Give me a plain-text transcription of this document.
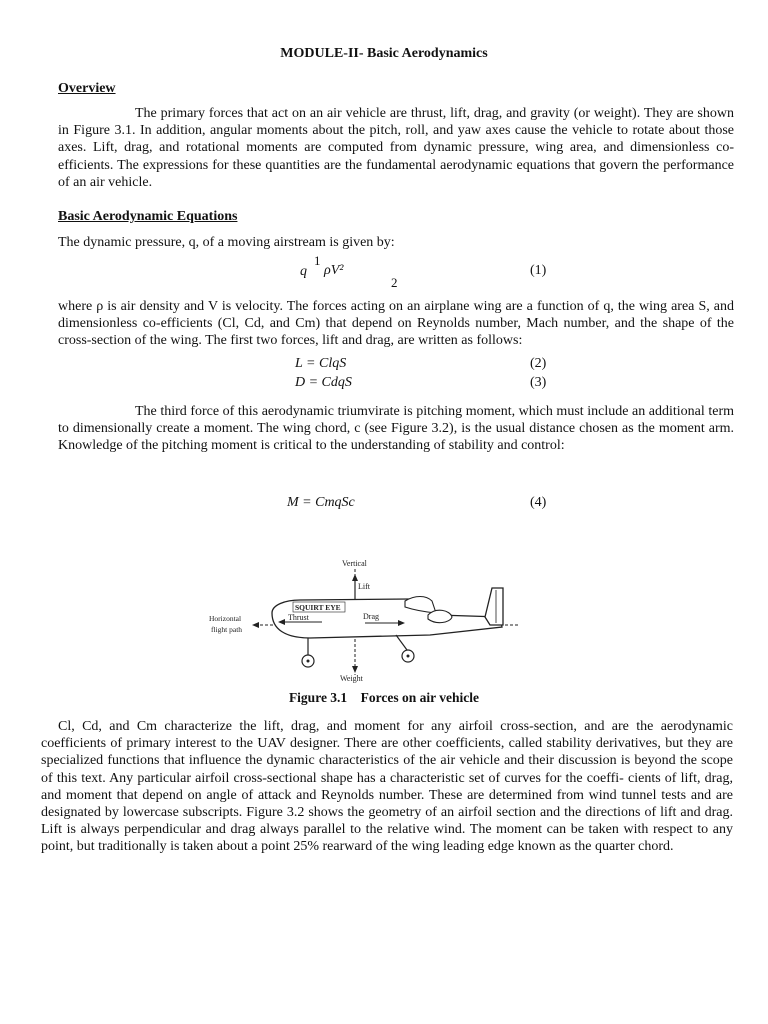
MODULE-II- Basic Aerodynamics
Overview
The primary forces that act on an air vehicle are thrust, lift, drag, and gravity (or weight). They are shown in Figure 3.1. In addition, angular moments about the pitch, roll, and yaw axes cause the vehicle to rotate about those axes. Lift, drag, and rotational moments are computed from dynamic pressure, wing area, and dimensionless co-efficients. The expressions for these quantities are the fundamental aerodynamic equations that govern the performance of an air vehicle.
Basic Aerodynamic Equations
The dynamic pressure, q, of a moving airstream is given by:
q
1
ρV²
2
(1)
where ρ is air density and V is velocity. The forces acting on an airplane wing are a function of q, the wing area S, and dimensionless co-efficients (Cl, Cd, and Cm) that depend on Reynolds number, Mach number, and the shape of the cross-section of the wing. The first two forces, lift and drag, are written as follows:
L = ClqS	(2)
D = CdqS	(3)
The third force of this aerodynamic triumvirate is pitching moment, which must include an additional term to dimensionally create a moment. The wing chord, c (see Figure 3.2), is the usual distance chosen as the moment arm. Knowledge of the pitching moment is critical to the understanding of stability and control:
M = CmqSc	(4)
Vertical
Lift
SQUIRT EYE
Thrust	Drag
Horizontal
flight path
Weight
Figure 3.1    Forces on air vehicle
Cl, Cd, and Cm characterize the lift, drag, and moment for any airfoil cross-section, and are the aerodynamic coefficients of primary interest to the UAV designer. There are other coefficients, called stability derivatives, but they are specialized functions that influence the dynamic characteristics of the air vehicle and their discussion is beyond the scope of this text. Any particular airfoil cross-sectional shape has a characteristic set of curves for the coeffi- cients of lift, drag, and moment that depend on angle of attack and Reynolds number. These are determined from wind tunnel tests and are designated by lowercase subscripts. Figure 3.2 shows the geometry of an airfoil section and the directions of lift and drag. Lift is always perpendicular and drag always parallel to the relative wind. The moment can be taken with respect to any point, but traditionally is taken about a point 25% rearward of the wing leading edge known as the quarter chord.
